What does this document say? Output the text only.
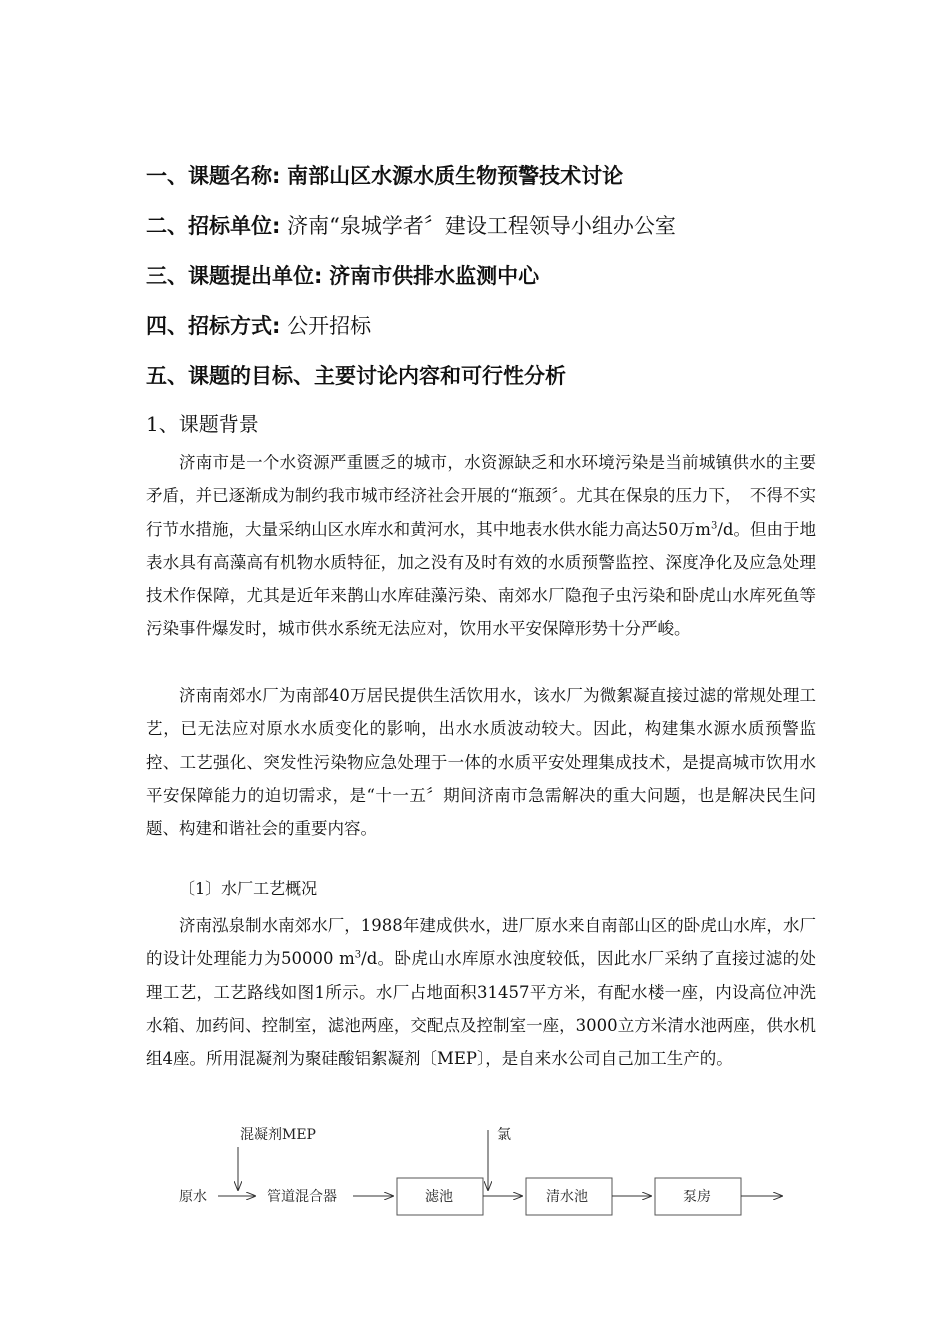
一、课题名称: 南部山区水源水质生物预警技术讨论
二、招标单位: 济南“泉城学者〞建设工程领导小组办公室
三、课题提出单位: 济南市供排水监测中心
四、招标方式: 公开招标
五、课题的目标、主要讨论内容和可行性分析
1、课题背景

济南市是一个水资源严重匮乏的城市，水资源缺乏和水环境污染是当前城镇供水的主要矛盾，并已逐渐成为制约我市城市经济社会开展的“瓶颈〞。尤其在保泉的压力下，　不得不实行节水措施，大量采纳山区水库水和黄河水，其中地表水供水能力高达50万$m^3/d$。但由于地表水具有高藻高有机物水质特征，加之没有及时有效的水质预警监控、深度净化及应急处理技术作保障，尤其是近年来鹊山水库硅藻污染、南郊水厂隐孢子虫污染和卧虎山水库死鱼等污染事件爆发时，城市供水系统无法应对，饮用水平安保障形势十分严峻。

济南南郊水厂为南部40万居民提供生活饮用水，该水厂为微絮凝直接过滤的常规处理工艺，已无法应对原水水质变化的影响，出水水质波动较大。因此，构建集水源水质预警监控、工艺强化、突发性污染物应急处理于一体的水质平安处理集成技术，是提高城市饮用水平安保障能力的迫切需求，是“十一五〞期间济南市急需解决的重大问题，也是解决民生问题、构建和谐社会的重要内容。

〔1〕水厂工艺概况

济南泓泉制水南郊水厂，1988年建成供水，进厂原水来自南部山区的卧虎山水库，水厂的设计处理能力为50000 $m^3/d$。卧虎山水库原水浊度较低，因此水厂采纳了直接过滤的处理工艺，工艺路线如图1所示。水厂占地面积31457平方米，有配水楼一座，内设高位冲洗水箱、加药间、控制室，滤池两座，交配点及控制室一座，3000立方米清水池两座，供水机组4座。所用混凝剂为聚硅酸铝絮凝剂〔MEP〕，是自来水公司自己加工生产的。

混凝剂MEP	氯
原水	管道混合器	滤池	清水池	泵房
